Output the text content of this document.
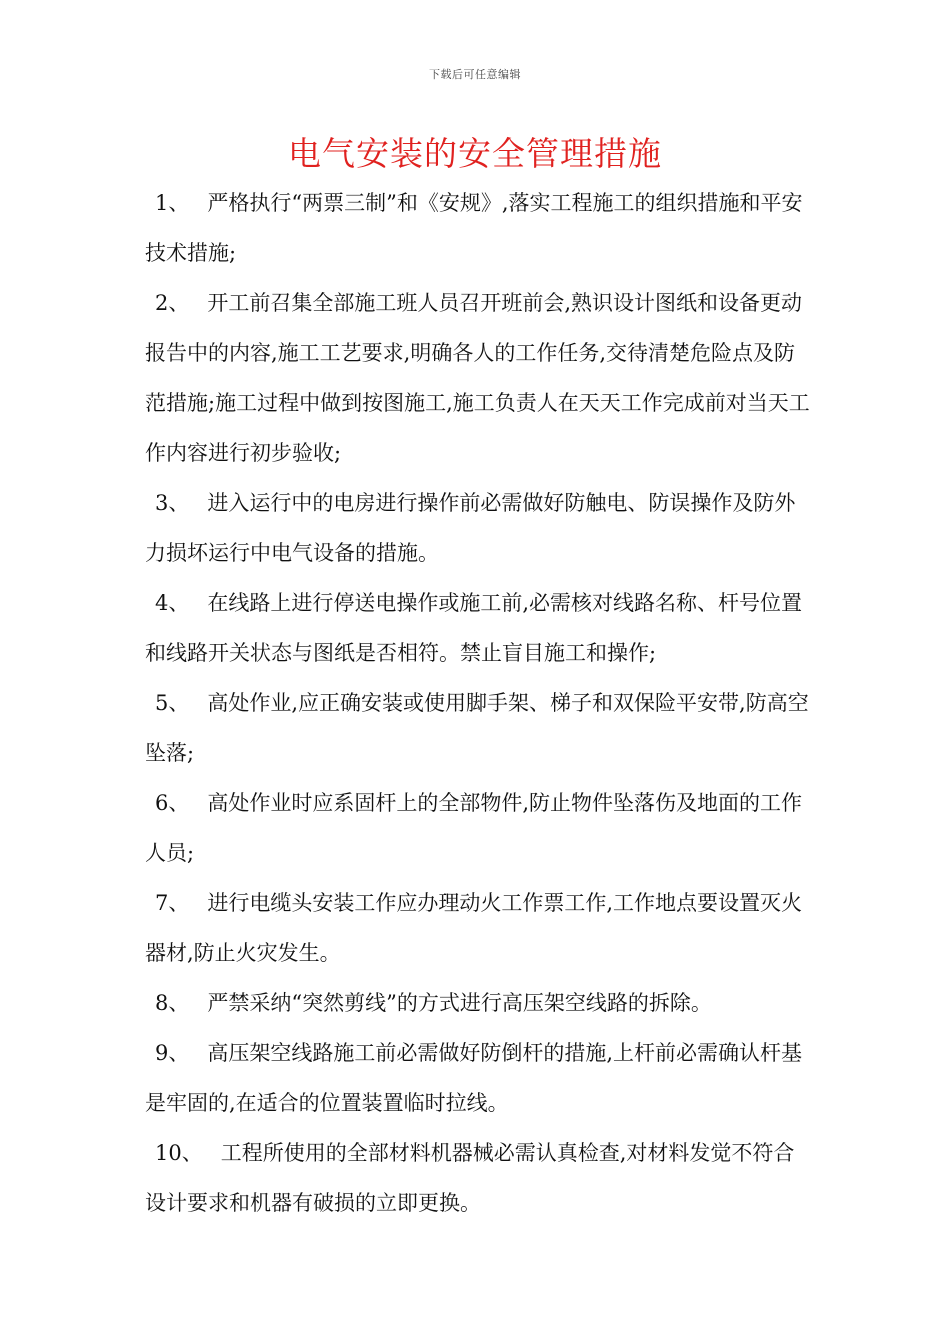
下载后可任意编辑
电气安装的安全管理措施

1、 严格执行“两票三制”和《安规》,落实工程施工的组织措施和平安技术措施;

2、 开工前召集全部施工班人员召开班前会,熟识设计图纸和设备更动报告中的内容,施工工艺要求,明确各人的工作任务,交待清楚危险点及防范措施;施工过程中做到按图施工,施工负责人在天天工作完成前对当天工作内容进行初步验收;

3、 进入运行中的电房进行操作前必需做好防触电、防误操作及防外力损坏运行中电气设备的措施。

4、 在线路上进行停送电操作或施工前,必需核对线路名称、杆号位置和线路开关状态与图纸是否相符。禁止盲目施工和操作;

5、 高处作业,应正确安装或使用脚手架、梯子和双保险平安带,防高空坠落;

6、 高处作业时应系固杆上的全部物件,防止物件坠落伤及地面的工作人员;

7、 进行电缆头安装工作应办理动火工作票工作,工作地点要设置灭火器材,防止火灾发生。

8、 严禁采纳“突然剪线”的方式进行高压架空线路的拆除。

9、 高压架空线路施工前必需做好防倒杆的措施,上杆前必需确认杆基是牢固的,在适合的位置装置临时拉线。

10、 工程所使用的全部材料机器械必需认真检查,对材料发觉不符合设计要求和机器有破损的立即更换。
